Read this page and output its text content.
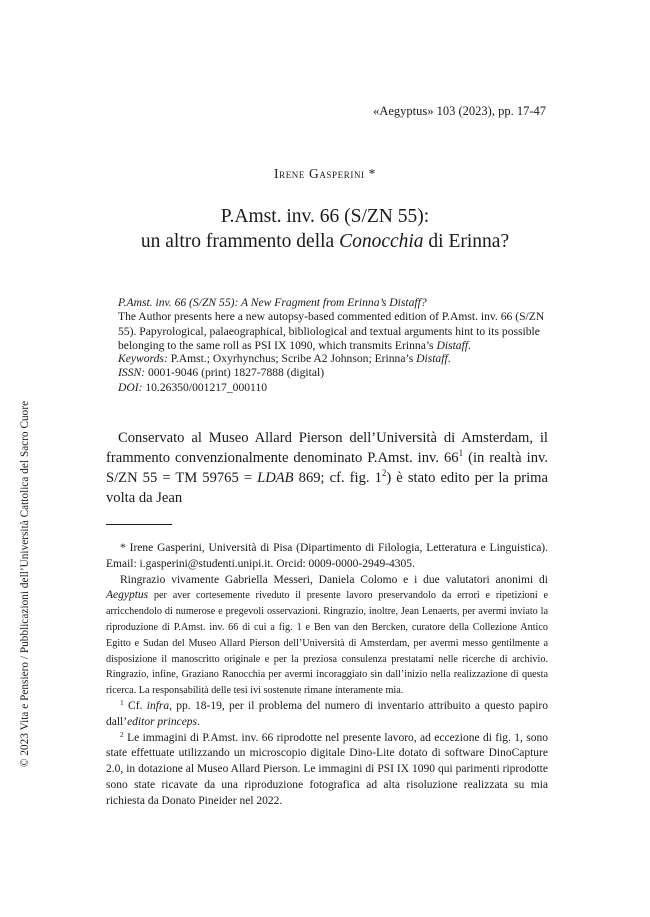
© 2023 Vita e Pensiero / Pubblicazioni dell’Università Cattolica del Sacro Cuore
«Aegyptus» 103 (2023), pp. 17-47
Irene Gasperini *
P.Amst. inv. 66 (S/ZN 55):
un altro frammento della Conocchia di Erinna?

P.Amst. inv. 66 (S/ZN 55): A New Fragment from Erinna’s Distaff?

The Author presents here a new autopsy-based commented edition of P.Amst. inv. 66 (S/ZN 55). Papyrological, palaeographical, bibliological and textual arguments hint to its possible belonging to the same roll as PSI IX 1090, which transmits Erinna’s Distaff.

Keywords: P.Amst.; Oxyrhynchus; Scribe A2 Johnson; Erinna’s Distaff.
ISSN: 0001-9046 (print) 1827-7888 (digital)
DOI: 10.26350/001217_000110

Conservato al Museo Allard Pierson dell’Università di Amsterdam, il frammento convenzionalmente denominato P.Amst. inv. $66^1$ (in realtà inv. S/ZN 55 = TM 59765 = LDAB 869; cf. fig. $1^2$) è stato edito per la prima volta da Jean

* Irene Gasperini, Università di Pisa (Dipartimento di Filologia, Letteratura e Linguistica). Email: i.gasperini@studenti.unipi.it. Orcid: 0009-0000-2949-4305.

Ringrazio vivamente Gabriella Messeri, Daniela Colomo e i due valutatori anonimi di Aegyptus per aver cortesemente riveduto il presente lavoro preservandolo da errori e ripetizioni e arricchendolo di numerose e pregevoli osservazioni. Ringrazio, inoltre, Jean Lenaerts, per avermi inviato la riproduzione di P.Amst. inv. 66 di cui a fig. 1 e Ben van den Bercken, curatore della Collezione Antico Egitto e Sudan del Museo Allard Pierson dell’Università di Amsterdam, per avermi messo gentilmente a disposizione il manoscritto originale e per la preziosa consulenza prestatami nelle ricerche di archivio. Ringrazio, infine, Graziano Ranocchia per avermi incoraggiato sin dall’inizio nella realizzazione di questa ricerca. La responsabilità delle tesi ivi sostenute rimane interamente mia.

$^1$ Cf. infra, pp. 18-19, per il problema del numero di inventario attribuito a questo papiro dall’editor princeps.

$^2$ Le immagini di P.Amst. inv. 66 riprodotte nel presente lavoro, ad eccezione di fig. 1, sono state effettuate utilizzando un microscopio digitale Dino-Lite dotato di software DinoCapture 2.0, in dotazione al Museo Allard Pierson. Le immagini di PSI IX 1090 qui parimenti riprodotte sono state ricavate da una riproduzione fotografica ad alta risoluzione realizzata su mia richiesta da Donato Pineider nel 2022.
